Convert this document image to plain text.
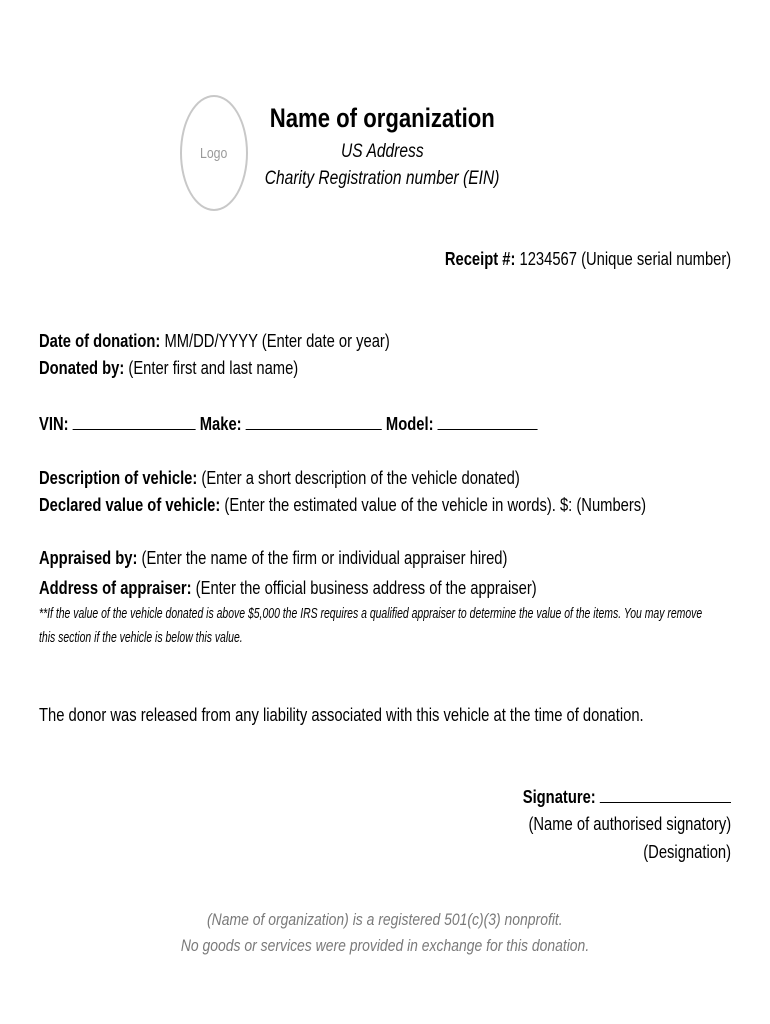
Logo
Name of organization
US Address
Charity Registration number (EIN)
Receipt #: 1234567 (Unique serial number)
Date of donation: MM/DD/YYYY (Enter date or year)
Donated by: (Enter first and last name)
VIN:	Make:	Model:
Description of vehicle: (Enter a short description of the vehicle donated)
Declared value of vehicle: (Enter the estimated value of the vehicle in words). $: (Numbers)
Appraised by: (Enter the name of the firm or individual appraiser hired)
Address of appraiser: (Enter the official business address of the appraiser)
**If the value of the vehicle donated is above $5,000 the IRS requires a qualified appraiser to determine the value of the items. You may remove
this section if the vehicle is below this value.
The donor was released from any liability associated with this vehicle at the time of donation.
Signature:
(Name of authorised signatory)
(Designation)
(Name of organization) is a registered 501(c)(3) nonprofit.
No goods or services were provided in exchange for this donation.
